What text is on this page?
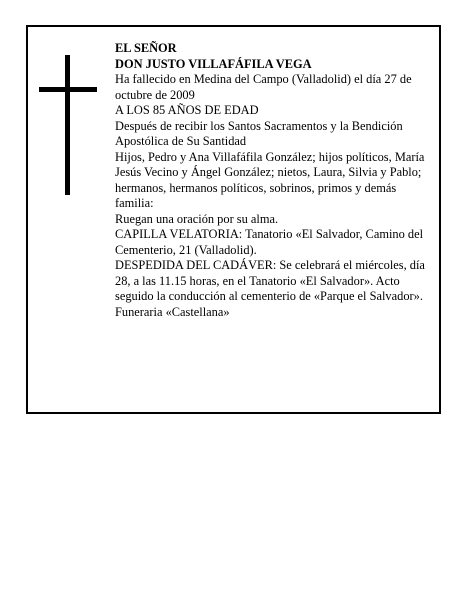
EL SEÑOR

DON JUSTO VILLAFÁFILA VEGA

Ha fallecido en Medina del Campo (Valladolid) el día 27 de octubre de 2009

A LOS 85 AÑOS DE EDAD

Después de recibir los Santos Sacramentos y la Bendición Apostólica de Su Santidad

Hijos, Pedro y Ana Villafáfila González; hijos políticos, María Jesús Vecino y Ángel González; nietos, Laura, Silvia y Pablo; hermanos, hermanos políticos, sobrinos, primos y demás familia:

Ruegan una oración por su alma.

CAPILLA VELATORIA: Tanatorio «El Salvador, Camino del Cementerio, 21 (Valladolid).

DESPEDIDA DEL CADÁVER: Se celebrará el miércoles, día 28, a las 11.15 horas, en el Tanatorio «El Salvador». Acto seguido la conducción al cementerio de «Parque el Salvador».

Funeraria «Castellana»
